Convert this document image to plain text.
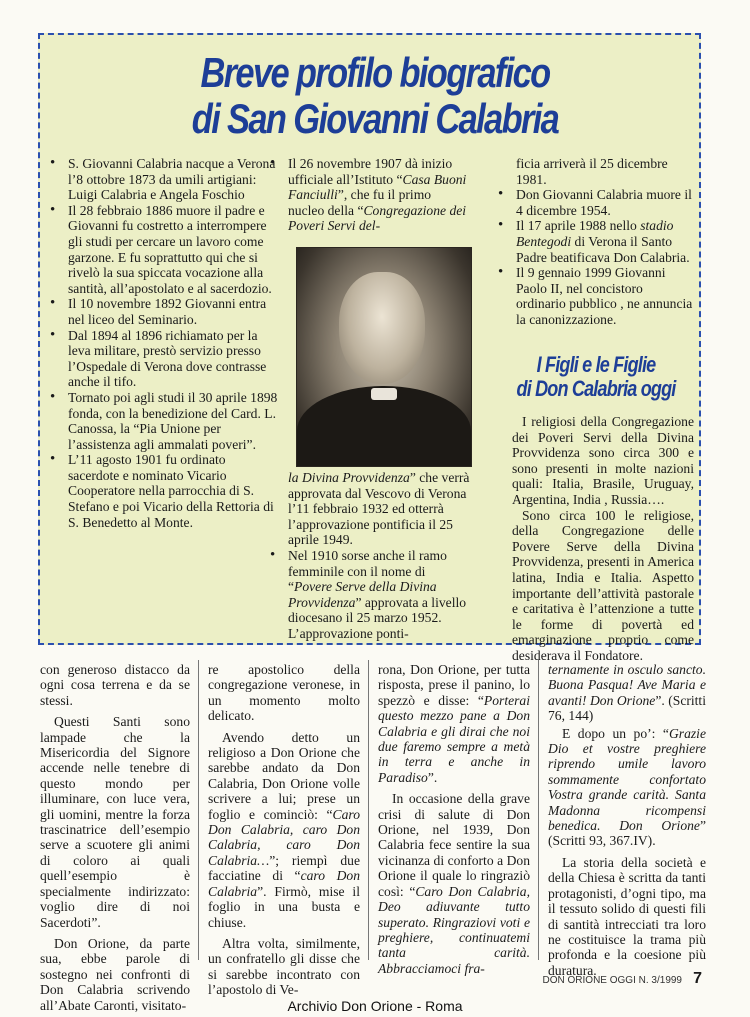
Breve profilo biografico
di San Giovanni Calabria

• S. Giovanni Calabria nacque a Verona l’8 ottobre 1873 da umili artigiani: Luigi Calabria e Angela Foschio

• Il 28 febbraio 1886 muore il padre e Giovanni fu costretto a interrompere gli studi per cercare un lavoro come garzone. E fu soprattutto qui che si rivelò la sua spiccata vocazione alla santità, all’apostolato e al sacerdozio.

• Il 10 novembre 1892 Giovanni entra nel liceo del Seminario.

• Dal 1894 al 1896 richiamato per la leva militare, prestò servizio presso l’Ospedale di Verona dove contrasse anche il tifo.

• Tornato poi agli studi il 30 aprile 1898 fonda, con la benedizione del Card. L. Canossa, la “Pia Unione per l’assistenza agli ammalati poveri”.

• L’11 agosto 1901 fu ordinato sacerdote e nominato Vicario Cooperatore nella parrocchia di S. Stefano e poi Vicario della Rettoria di S. Benedetto al Monte.

• Il 26 novembre 1907 dà inizio ufficiale all’Istituto “Casa Buoni Fanciulli”, che fu il primo nucleo della “Congregazione dei Poveri Servi del-

la Divina Provvidenza” che verrà approvata dal Vescovo di Verona l’11 febbraio 1932 ed otterrà l’approvazione pontificia il 25 aprile 1949.

• Nel 1910 sorse anche il ramo femminile con il nome di “Povere Serve della Divina Provvidenza” approvata a livello diocesano il 25 marzo 1952. L’approvazione ponti-

ficia arriverà il 25 dicembre 1981.

• Don Giovanni Calabria muore il 4 dicembre 1954.

• Il 17 aprile 1988 nello stadio Bentegodi di Verona il Santo Padre beatificava Don Calabria.

• Il 9 gennaio 1999 Giovanni Paolo II, nel concistoro ordinario pubblico , ne annuncia la canonizzazione.

I Figli e le Figlie
di Don Calabria oggi

I religiosi della Congregazione dei Poveri Servi della Divina Provvidenza sono circa 300 e sono presenti in molte nazioni quali: Italia, Brasile, Uruguay, Argentina, India , Russia….

Sono circa 100 le religiose, della Congregazione delle Povere Serve della Divina Provvidenza, presenti in America latina, India e Italia. Aspetto importante dell’attività pastorale e caritativa è l’attenzione a tutte le forme di povertà ed emarginazione proprio come desiderava il Fondatore.

con generoso distacco da ogni cosa terrena e da se stessi.

Questi Santi sono lampade che la Misericordia del Signore accende nelle tenebre di questo mondo per illuminare, con luce vera, gli uomini, mentre la forza trascinatrice dell’esempio serve a scuotere gli animi di coloro ai quali quell’esempio è specialmente indirizzato: voglio dire di noi Sacerdoti”.

Don Orione, da parte sua, ebbe parole di sostegno nei confronti di Don Calabria scrivendo all’Abate Caronti, visitato-

re apostolico della congregazione veronese, in un momento molto delicato.

Avendo detto un religioso a Don Orione che sarebbe andato da Don Calabria, Don Orione volle scrivere a lui; prese un foglio e cominciò: “Caro Don Calabria, caro Don Calabria, caro Don Calabria…”; riempì due facciatine di “caro Don Calabria”. Firmò, mise il foglio in una busta e chiuse.

Altra volta, similmente, un confratello gli disse che si sarebbe incontrato con l’apostolo di Ve-

rona, Don Orione, per tutta risposta, prese il panino, lo spezzò e disse: “Porterai questo mezzo pane a Don Calabria e gli dirai che noi due faremo sempre a metà in terra e anche in Paradiso”.

In occasione della grave crisi di salute di Don Orione, nel 1939, Don Calabria fece sentire la sua vicinanza di conforto a Don Orione il quale lo ringraziò così: “Caro Don Calabria, Deo adiuvante tutto superato. Ringraziovi voti e preghiere, continuatemi tanta carità. Abbracciamoci fra-

ternamente in osculo sancto. Buona Pasqua! Ave Maria e avanti! Don Orione”. (Scritti 76, 144)

E dopo un po’: “Grazie Dio et vostre preghiere riprendo umile lavoro sommamente confortato Vostra grande carità. Santa Madonna ricompensi benedica. Don Orione” (Scritti 93, 367.IV).

La storia della società e della Chiesa è scritta da tanti protagonisti, d’ogni tipo, ma il tessuto solido di questi fili di santità intrecciati tra loro ne costituisce la trama più profonda e la coesione più duratura.

DON ORIONE OGGI N. 3/1999 7
Archivio Don Orione - Roma
